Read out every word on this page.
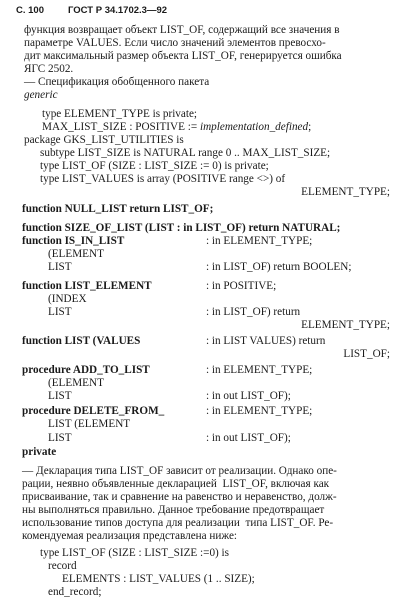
С. 100	ГОСТ Р 34.1702.3—92
функция возвращает объект LIST_OF, содержащий все значения в
параметре VALUES. Если число значений элементов превосхо-
дит максимальный размер объекта LIST_OF, генерируется ошибка
ЯГС 2502.
— Спецификация обобщенного пакета
generic
type ELEMENT_TYPE is private;
MAX_LIST_SIZE : POSITIVE := implementation_defined;
package GKS_LIST_UTILITIES is
subtype LIST_SIZE is NATURAL range 0 .. MAX_LIST_SIZE;
type LIST_OF (SIZE : LIST_SIZE := 0) is private;
type LIST_VALUES is array (POSITIVE range <>) of
ELEMENT_TYPE;
function NULL_LIST return LIST_OF;
function SIZE_OF_LIST (LIST : in LIST_OF) return NATURAL;
function IS_IN_LIST	: in ELEMENT_TYPE;
(ELEMENT
LIST	: in LIST_OF) return BOOLEN;
function LIST_ELEMENT	: in POSITIVE;
(INDEX
LIST	: in LIST_OF) return
ELEMENT_TYPE;
function LIST (VALUES	: in LIST VALUES) return
LIST_OF;
procedure ADD_TO_LIST	: in ELEMENT_TYPE;
(ELEMENT
LIST	: in out LIST_OF);
procedure DELETE_FROM_	: in ELEMENT_TYPE;
LIST (ELEMENT
LIST	: in out LIST_OF);
private
— Декларация типа LIST_OF зависит от реализации. Однако опе-
рации, неявно объявленные декларацией  LIST_OF, включая как
присваивание, так и сравнение на равенство и неравенство, долж-
ны выполняться правильно. Данное требование предотвращает
использование типов доступа для реализации  типа LIST_OF. Ре-
комендуемая реализация представлена ниже:
type LIST_OF (SIZE : LIST_SIZE :=0) is
record
ELEMENTS : LIST_VALUES (1 .. SIZE);
end_record;
